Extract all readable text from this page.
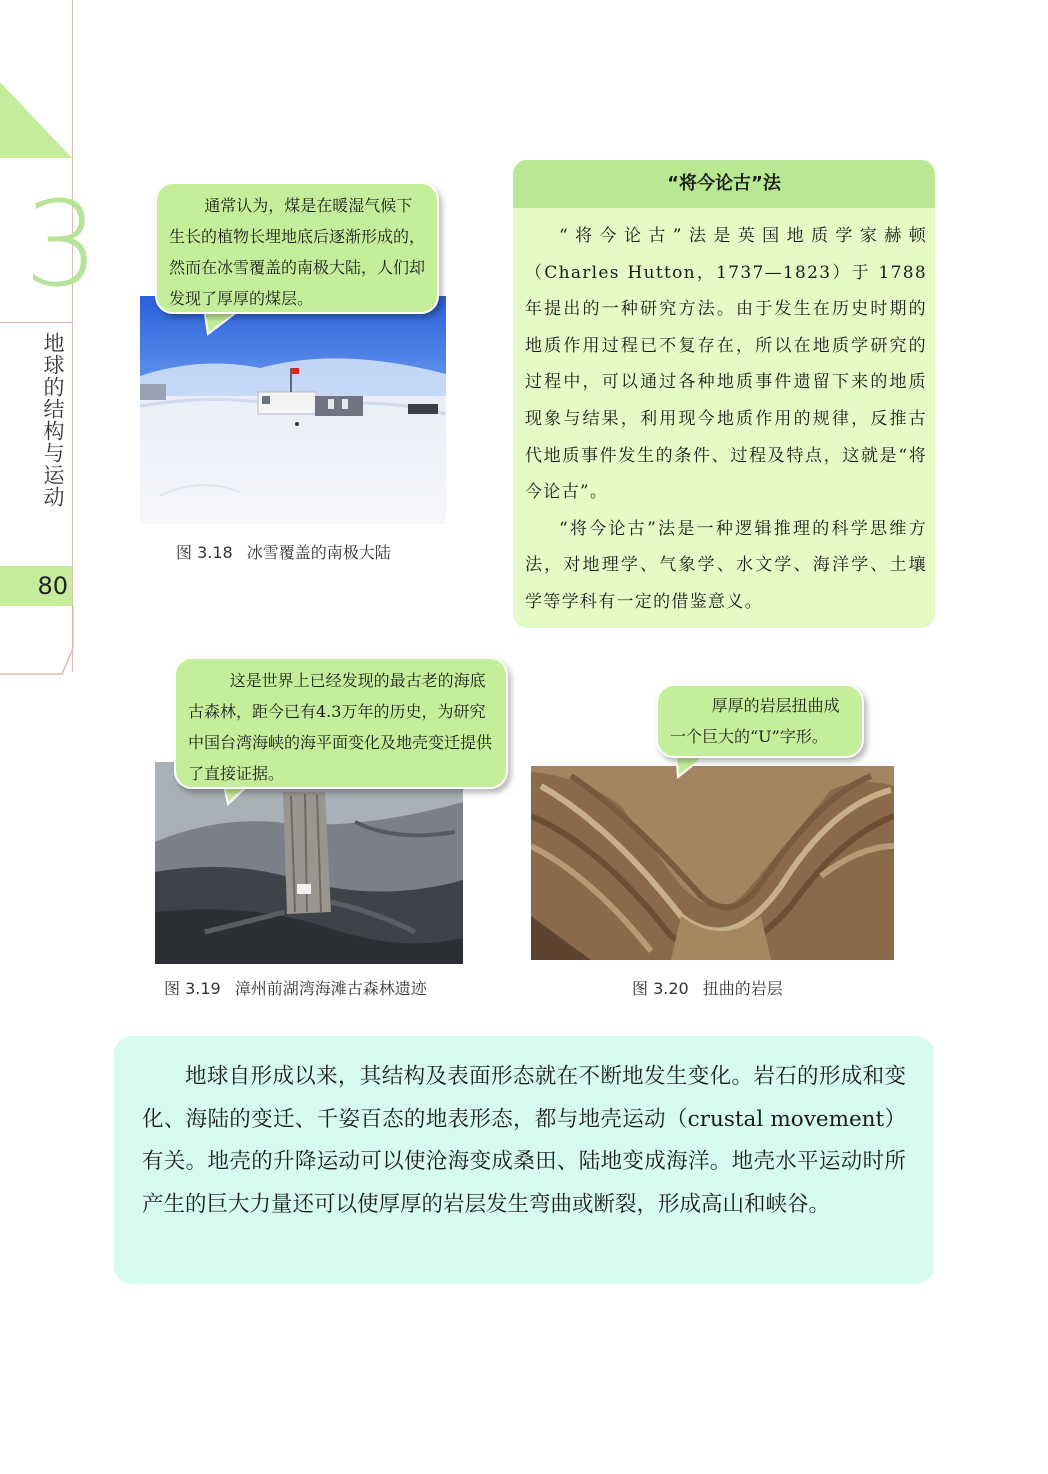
3
地球的结构与运动
80
图 3.18 冰雪覆盖的南极大陆

通常认为，煤是在暖湿气候下生长的植物长埋地底后逐渐形成的，然而在冰雪覆盖的南极大陆，人们却发现了厚厚的煤层。

“将今论古”法

“将今论古”法是英国地质学家赫顿（Charles Hutton，1737—1823）于 1788 年提出的一种研究方法。由于发生在历史时期的地质作用过程已不复存在，所以在地质学研究的过程中，可以通过各种地质事件遗留下来的地质现象与结果，利用现今地质作用的规律，反推古代地质事件发生的条件、过程及特点，这就是“将今论古”。

“将今论古”法是一种逻辑推理的科学思维方法，对地理学、气象学、水文学、海洋学、土壤学等学科有一定的借鉴意义。

图 3.19 漳州前湖湾海滩古森林遗迹

这是世界上已经发现的最古老的海底古森林，距今已有4.3万年的历史，为研究中国台湾海峡的海平面变化及地壳变迁提供了直接证据。

图 3.20 扭曲的岩层

厚厚的岩层扭曲成一个巨大的“U”字形。

地球自形成以来，其结构及表面形态就在不断地发生变化。岩石的形成和变化、海陆的变迁、千姿百态的地表形态，都与地壳运动（crustal movement）有关。地壳的升降运动可以使沧海变成桑田、陆地变成海洋。地壳水平运动时所产生的巨大力量还可以使厚厚的岩层发生弯曲或断裂，形成高山和峡谷。
